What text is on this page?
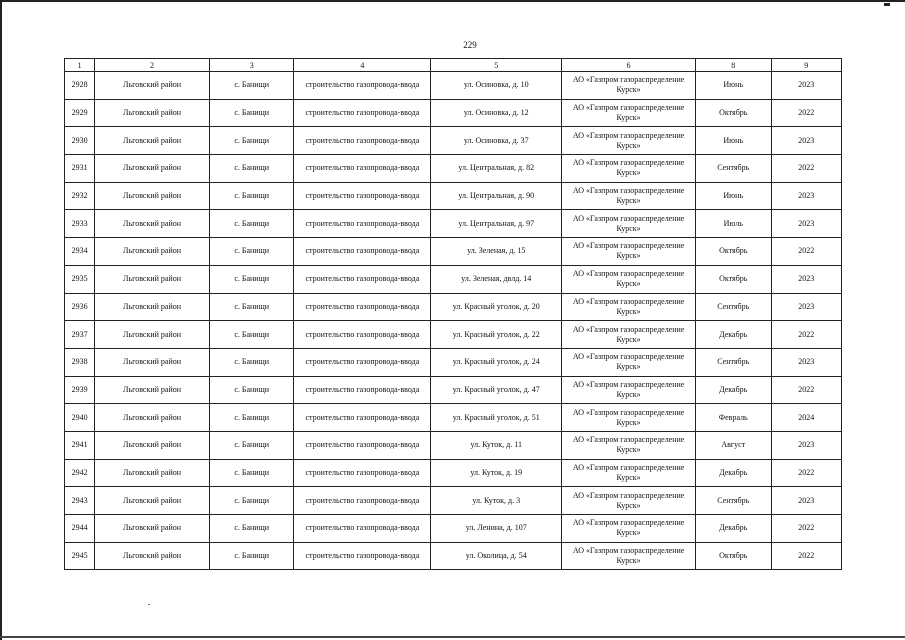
229
1	2	3	4	5	6	8	9
2928	Льговский район	с. Банищи	строительство газопровода-ввода	ул. Осиновка, д. 10	АО «Газпром газораспределение Курск»	Июнь	2023
2929	Льговский район	с. Банищи	строительство газопровода-ввода	ул. Осиновка, д. 12	АО «Газпром газораспределение Курск»	Октябрь	2022
2930	Льговский район	с. Банищи	строительство газопровода-ввода	ул. Осиновка, д. 37	АО «Газпром газораспределение Курск»	Июнь	2023
2931	Льговский район	с. Банищи	строительство газопровода-ввода	ул. Центральная, д. 82	АО «Газпром газораспределение Курск»	Сентябрь	2022
2932	Льговский район	с. Банищи	строительство газопровода-ввода	ул. Центральная, д. 90	АО «Газпром газораспределение Курск»	Июнь	2023
2933	Льговский район	с. Банищи	строительство газопровода-ввода	ул. Центральная, д. 97	АО «Газпром газораспределение Курск»	Июль	2023
2934	Льговский район	с. Банищи	строительство газопровода-ввода	ул. Зеленая, д. 15	АО «Газпром газораспределение Курск»	Октябрь	2022
2935	Льговский район	с. Банищи	строительство газопровода-ввода	ул. Зеленая, двлд. 14	АО «Газпром газораспределение Курск»	Октябрь	2023
2936	Льговский район	с. Банищи	строительство газопровода-ввода	ул. Красный уголок, д. 20	АО «Газпром газораспределение Курск»	Сентябрь	2023
2937	Льговский район	с. Банищи	строительство газопровода-ввода	ул. Красный уголок, д. 22	АО «Газпром газораспределение Курск»	Декабрь	2022
2938	Льговский район	с. Банищи	строительство газопровода-ввода	ул. Красный уголок, д. 24	АО «Газпром газораспределение Курск»	Сентябрь	2023
2939	Льговский район	с. Банищи	строительство газопровода-ввода	ул. Красный уголок, д. 47	АО «Газпром газораспределение Курск»	Декабрь	2022
2940	Льговский район	с. Банищи	строительство газопровода-ввода	ул. Красный уголок, д. 51	АО «Газпром газораспределение Курск»	Февраль	2024
2941	Льговский район	с. Банищи	строительство газопровода-ввода	ул. Куток, д. 11	АО «Газпром газораспределение Курск»	Август	2023
2942	Льговский район	с. Банищи	строительство газопровода-ввода	ул. Куток, д. 19	АО «Газпром газораспределение Курск»	Декабрь	2022
2943	Льговский район	с. Банищи	строительство газопровода-ввода	ул. Куток, д. 3	АО «Газпром газораспределение Курск»	Сентябрь	2023
2944	Льговский район	с. Банищи	строительство газопровода-ввода	ул. Ленина, д. 107	АО «Газпром газораспределение Курск»	Декабрь	2022
2945	Льговский район	с. Банищи	строительство газопровода-ввода	ул. Околица, д. 54	АО «Газпром газораспределение Курск»	Октябрь	2022
